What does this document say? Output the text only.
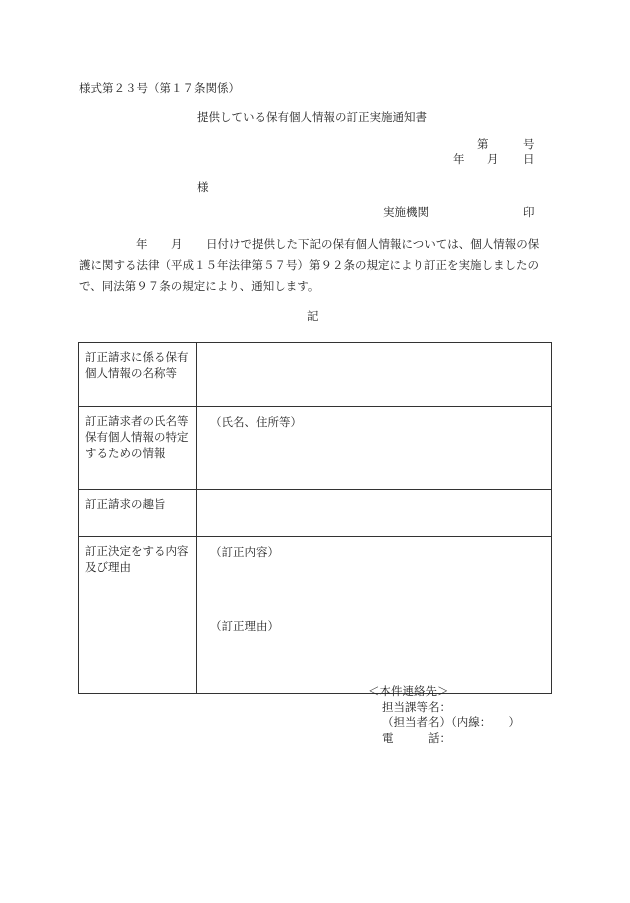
様式第２３号（第１７条関係）
提供している保有個人情報の訂正実施通知書
第	号
年 月 日
様
実施機関	印
年 月 日付けで提供した下記の保有個人情報については、個人情報の保
護に関する法律（平成１５年法律第５７号）第９２条の規定により訂正を実施しましたの
で、同法第９７条の規定により、通知します。
記
訂正請求に係る保有個人情報の名称等	
訂正請求者の氏名等保有個人情報の特定するための情報	（氏名、住所等）
訂正請求の趣旨	
訂正決定をする内容及び理由	（訂正内容）
（訂正理由）
＜本件連絡先＞
担当課等名：
（担当者名）（内線：　　）
電　　　話：
